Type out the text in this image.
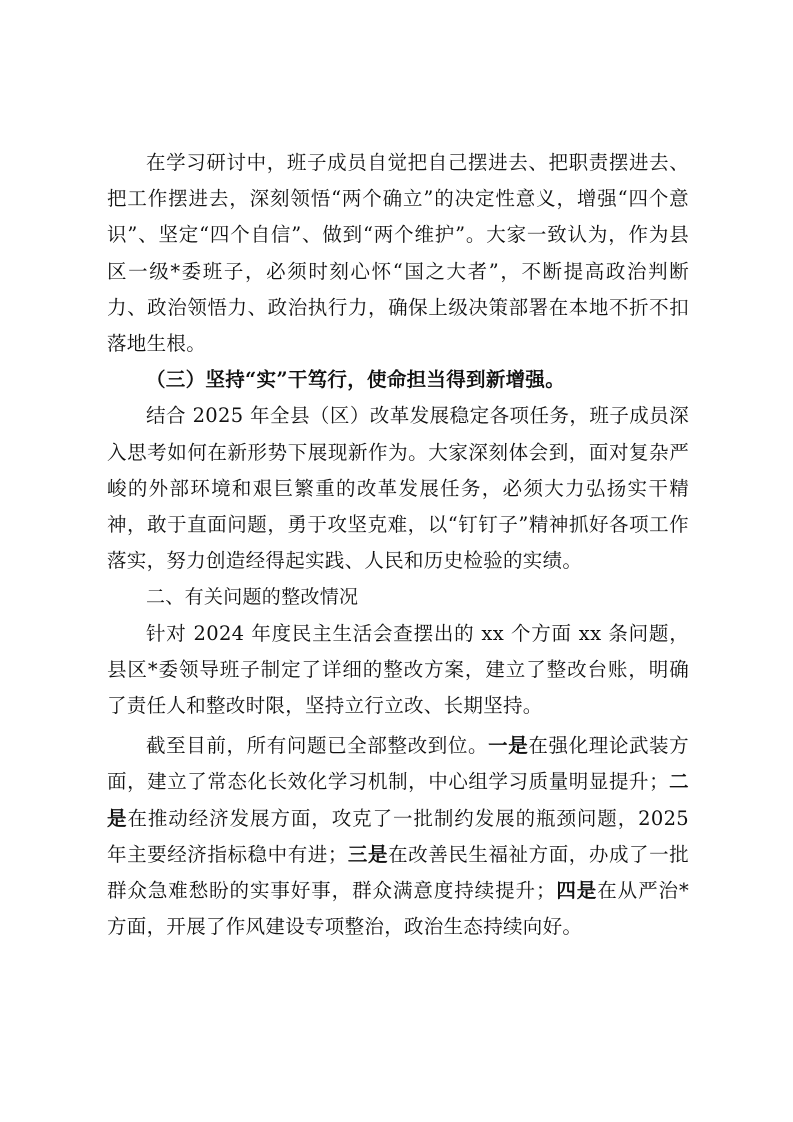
在学习研讨中，班子成员自觉把自己摆进去、把职责摆进去、把工作摆进去，深刻领悟“两个确立”的决定性意义，增强“四个意识”、坚定“四个自信”、做到“两个维护”。大家一致认为，作为县区一级*委班子，必须时刻心怀“国之大者”，不断提高政治判断力、政治领悟力、政治执行力，确保上级决策部署在本地不折不扣落地生根。

（三）坚持“实”干笃行，使命担当得到新增强。

结合 2025 年全县（区）改革发展稳定各项任务，班子成员深入思考如何在新形势下展现新作为。大家深刻体会到，面对复杂严峻的外部环境和艰巨繁重的改革发展任务，必须大力弘扬实干精神，敢于直面问题，勇于攻坚克难，以“钉钉子”精神抓好各项工作落实，努力创造经得起实践、人民和历史检验的实绩。

二、有关问题的整改情况

针对 2024 年度民主生活会查摆出的 xx 个方面 xx 条问题，县区*委领导班子制定了详细的整改方案，建立了整改台账，明确了责任人和整改时限，坚持立行立改、长期坚持。

截至目前，所有问题已全部整改到位。一是在强化理论武装方面，建立了常态化长效化学习机制，中心组学习质量明显提升；二是在推动经济发展方面，攻克了一批制约发展的瓶颈问题，2025 年主要经济指标稳中有进；三是在改善民生福祉方面，办成了一批群众急难愁盼的实事好事，群众满意度持续提升；四是在从严治*方面，开展了作风建设专项整治，政治生态持续向好。
